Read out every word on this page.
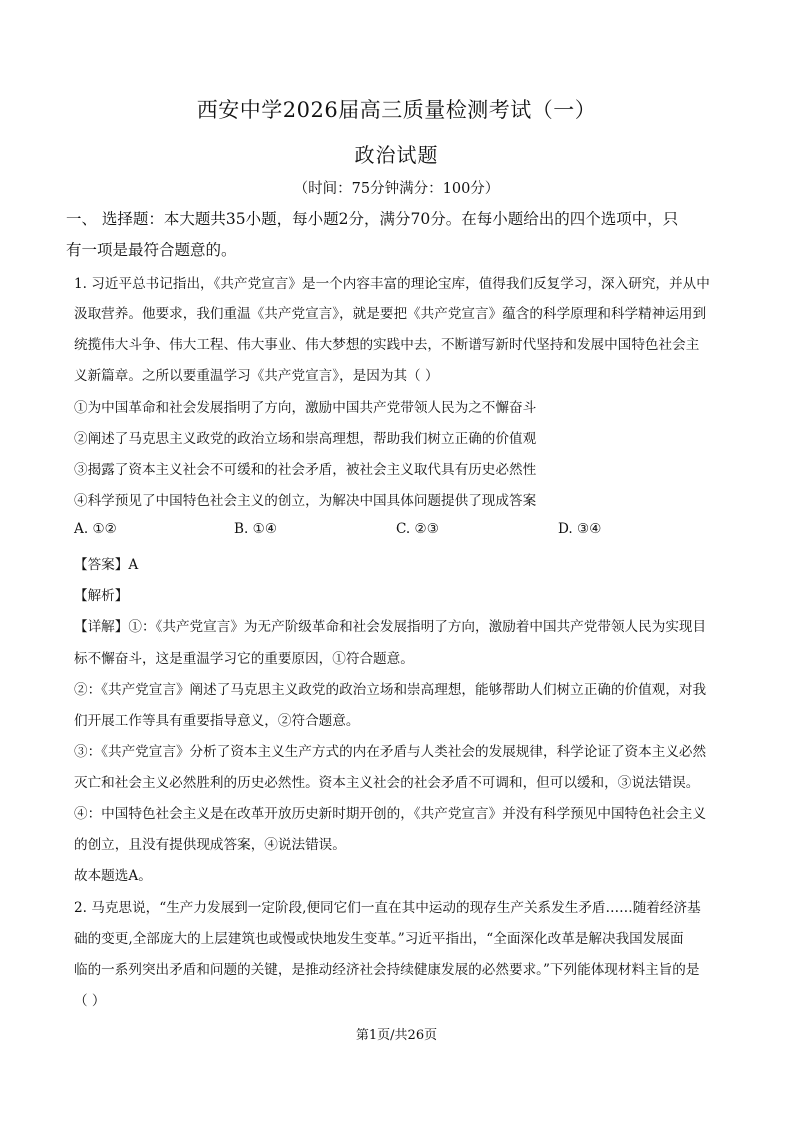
西安中学2026届高三质量检测考试（一）
政治试题
（时间：75分钟满分：100分）
一、 选择题：本大题共35小题，每小题2分，满分70分。在每小题给出的四个选项中，只
有一项是最符合题意的。
1. 习近平总书记指出，《共产党宣言》是一个内容丰富的理论宝库，值得我们反复学习，深入研究，并从中
汲取营养。他要求，我们重温《共产党宣言》，就是要把《共产党宣言》蕴含的科学原理和科学精神运用到
统揽伟大斗争、伟大工程、伟大事业、伟大梦想的实践中去，不断谱写新时代坚持和发展中国特色社会主
义新篇章。之所以要重温学习《共产党宣言》，是因为其（ ）
①为中国革命和社会发展指明了方向，激励中国共产党带领人民为之不懈奋斗
②阐述了马克思主义政党的政治立场和崇高理想，帮助我们树立正确的价值观
③揭露了资本主义社会不可缓和的社会矛盾，被社会主义取代具有历史必然性
④科学预见了中国特色社会主义的创立，为解决中国具体问题提供了现成答案
A. ①②	B. ①④	C. ②③	D. ③④
【答案】A
【解析】
【详解】①：《共产党宣言》为无产阶级革命和社会发展指明了方向，激励着中国共产党带领人民为实现目
标不懈奋斗，这是重温学习它的重要原因，①符合题意。
②：《共产党宣言》阐述了马克思主义政党的政治立场和崇高理想，能够帮助人们树立正确的价值观，对我
们开展工作等具有重要指导意义，②符合题意。
③：《共产党宣言》分析了资本主义生产方式的内在矛盾与人类社会的发展规律，科学论证了资本主义必然
灭亡和社会主义必然胜利的历史必然性。资本主义社会的社会矛盾不可调和，但可以缓和，③说法错误。
④：中国特色社会主义是在改革开放历史新时期开创的，《共产党宣言》并没有科学预见中国特色社会主义
的创立，且没有提供现成答案，④说法错误。
故本题选A。
2. 马克思说，“生产力发展到一定阶段,便同它们一直在其中运动的现存生产关系发生矛盾……随着经济基
础的变更,全部庞大的上层建筑也或慢或快地发生变革。”习近平指出，“全面深化改革是解决我国发展面
临的一系列突出矛盾和问题的关键，是推动经济社会持续健康发展的必然要求。”下列能体现材料主旨的是
（ ）
第1页/共26页
